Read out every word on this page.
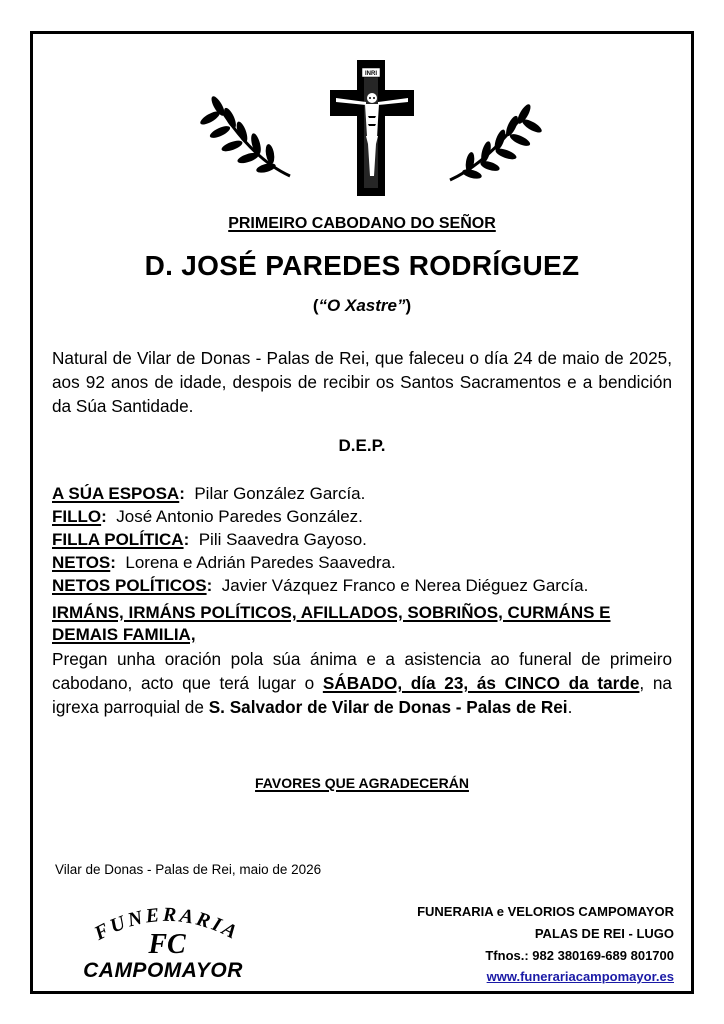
INRI
PRIMEIRO CABODANO DO SEÑOR
D. JOSÉ PAREDES RODRÍGUEZ
(“O Xastre”)
Natural de Vilar de Donas - Palas de Rei, que faleceu o día 24 de maio de 2025, aos 92 anos de idade, despois de recibir os Santos Sacramentos e a bendición da Súa Santidade.
D.E.P.
A SÚA ESPOSA: Pilar González García.
FILLO: José Antonio Paredes González.
FILLA POLÍTICA: Pili Saavedra Gayoso.
NETOS: Lorena e Adrián Paredes Saavedra.
NETOS POLÍTICOS: Javier Vázquez Franco e Nerea Diéguez García.
IRMÁNS, IRMÁNS POLÍTICOS, AFILLADOS, SOBRIÑOS, CURMÁNS E DEMAIS FAMILIA,
Pregan unha oración pola súa ánima e a asistencia ao funeral de primeiro cabodano, acto que terá lugar o SÁBADO, día 23, ás CINCO da tarde, na igrexa parroquial de S. Salvador de Vilar de Donas - Palas de Rei.
FAVORES QUE AGRADECERÁN
Vilar de Donas - Palas de Rei, maio de 2026
FUNERARIA
FC
CAMPOMAYOR
FUNERARIA e VELORIOS CAMPOMAYOR
PALAS DE REI - LUGO
Tfnos.: 982 380169-689 801700
www.funerariacampomayor.es
